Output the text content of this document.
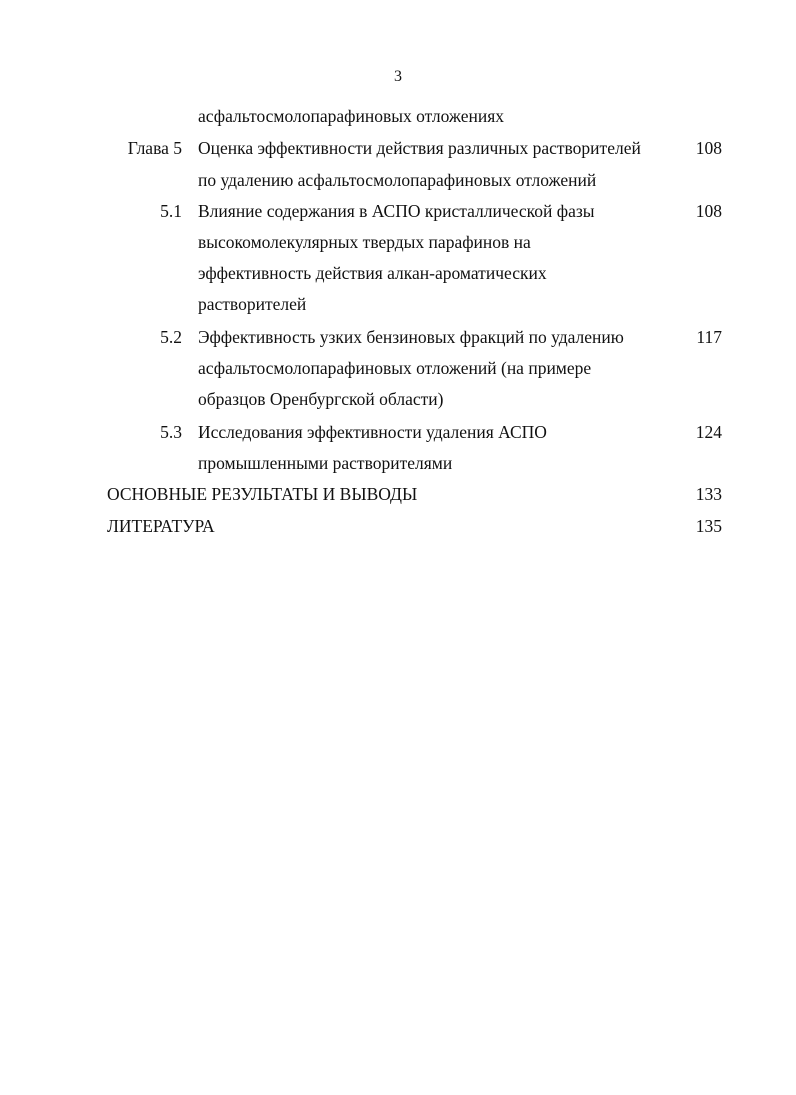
3
асфальтосмолопарафиновых отложениях
Глава 5 Оценка эффективности действия различных растворителей
по удалению асфальтосмолопарафиновых отложений
108
5.1 Влияние содержания в АСПО кристаллической фазы
высокомолекулярных твердых парафинов на
эффективность действия алкан-ароматических
растворителей
108
5.2 Эффективность узких бензиновых фракций по удалению
асфальтосмолопарафиновых отложений (на примере
образцов Оренбургской области)
117
5.3 Исследования эффективности удаления АСПО
промышленными растворителями
124
ОСНОВНЫЕ РЕЗУЛЬТАТЫ И ВЫВОДЫ	133
ЛИТЕРАТУРА	135
